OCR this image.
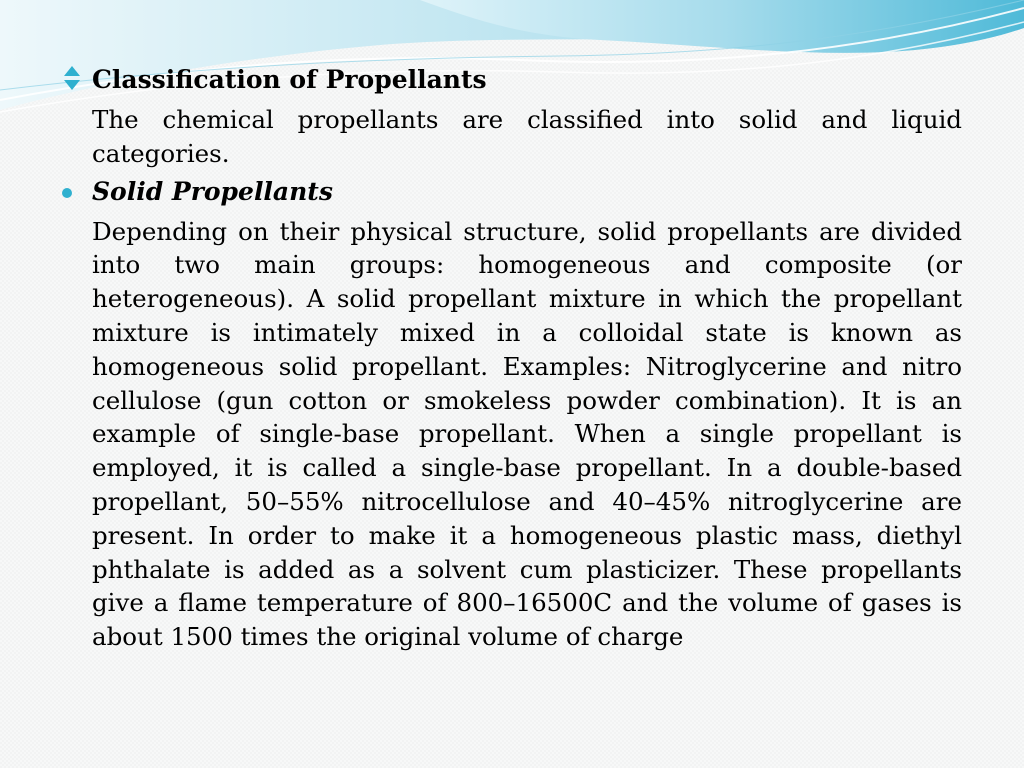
Classification of Propellants

The chemical propellants are classified into solid and liquid categories.

Solid Propellants

Depending on their physical structure, solid propellants are divided into two main groups: homogeneous and composite (or heterogeneous). A solid propellant mixture in which the propellant mixture is intimately mixed in a colloidal state is known as homogeneous solid propellant. Examples: Nitroglycerine and nitro cellulose (gun cotton or smokeless powder combination). It is an example of single-base propellant. When a single propellant is employed, it is called a single-base propellant. In a double-based propellant, 50–55% nitrocellulose and 40–45% nitroglycerine are present. In order to make it a homogeneous plastic mass, diethyl phthalate is added as a solvent cum plasticizer. These propellants give a flame temperature of 800–16500C and the volume of gases is about 1500 times the original volume of charge
